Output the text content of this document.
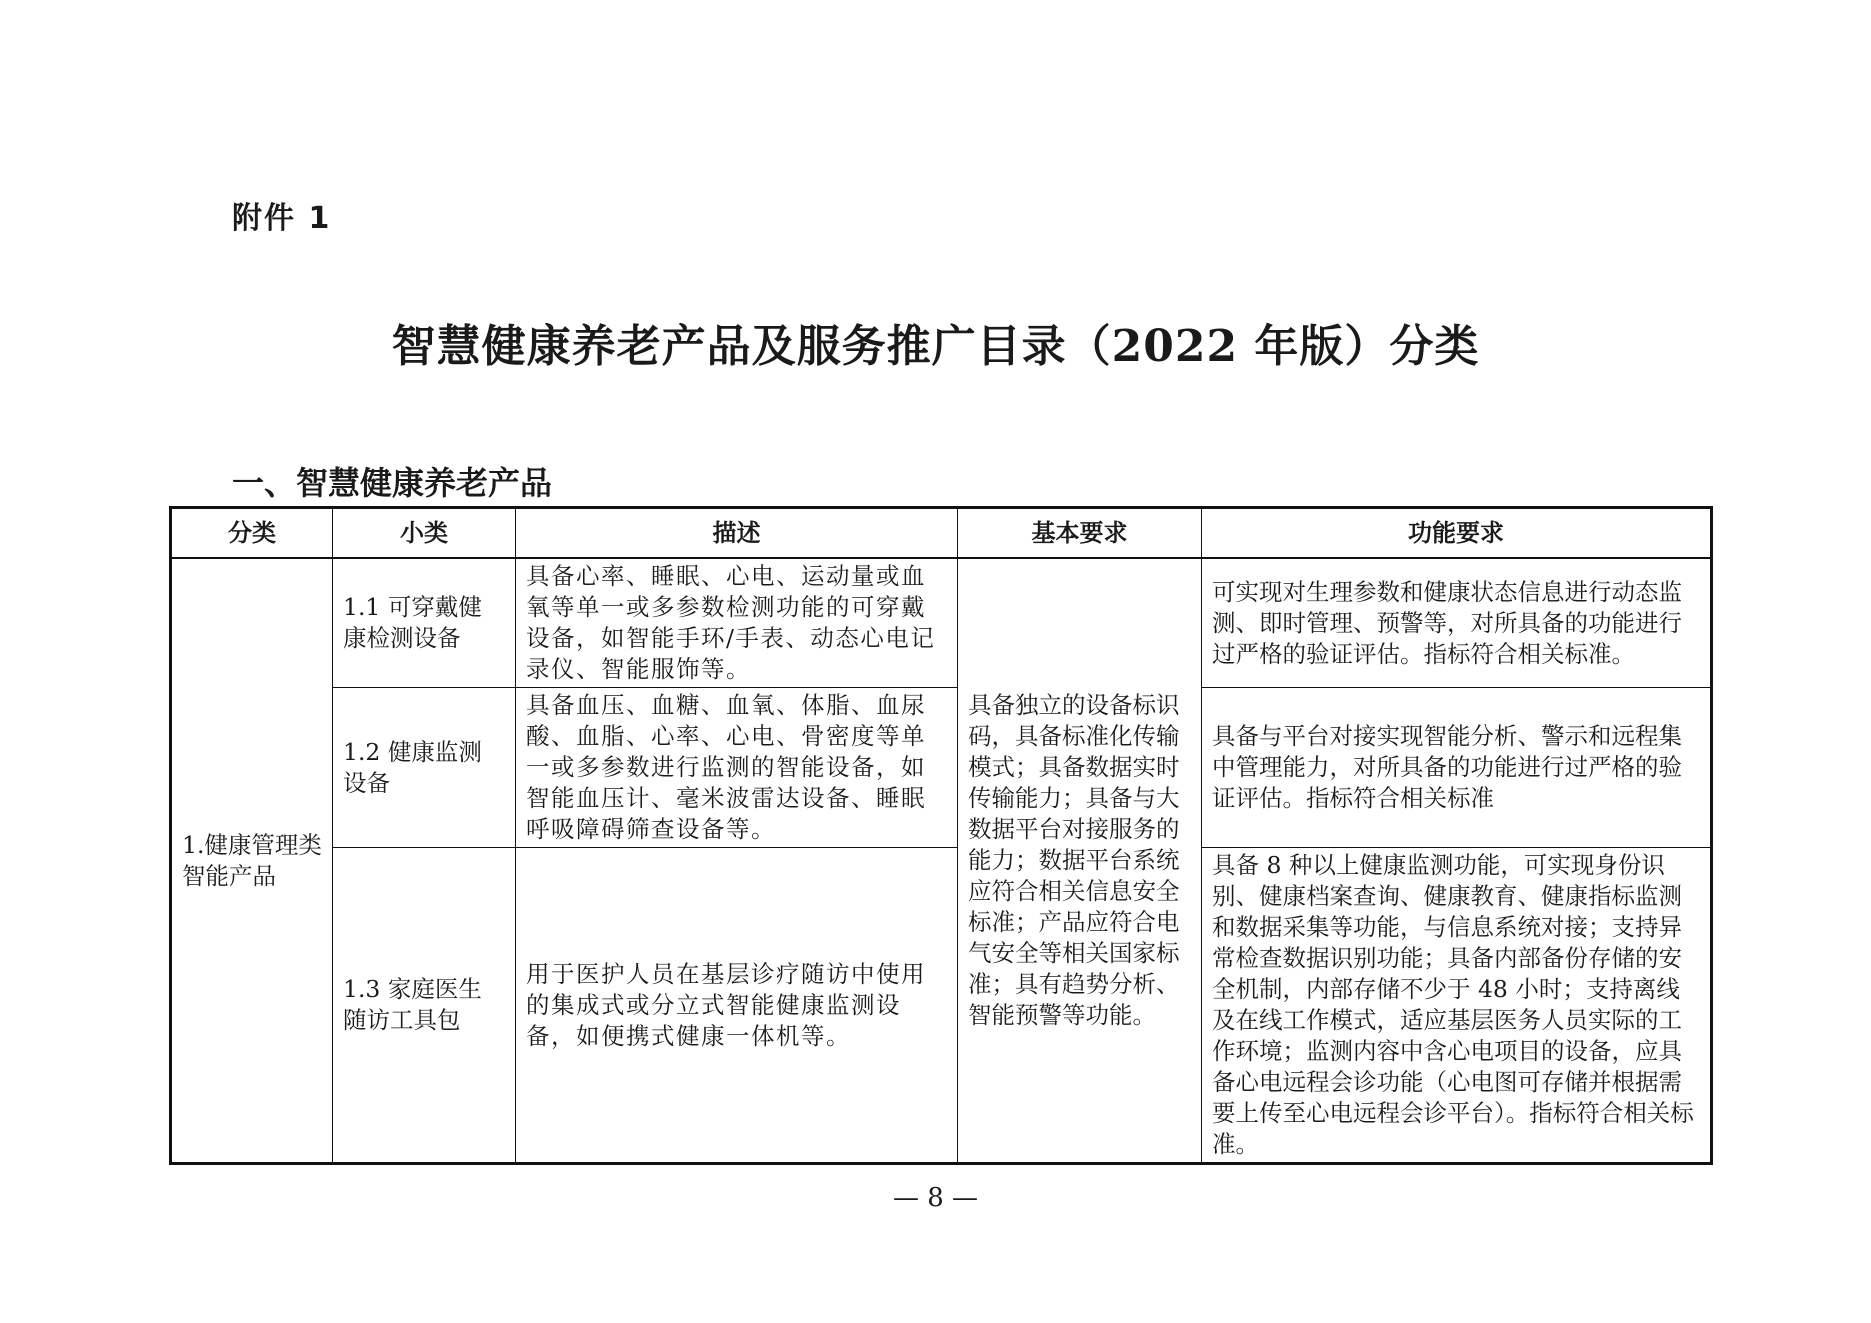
附件 1
智慧健康养老产品及服务推广目录（2022 年版）分类
一、智慧健康养老产品
分类	小类	描述	基本要求	功能要求
1.健康管理类智能产品	1.1 可穿戴健康检测设备	具备心率、睡眠、心电、运动量或血氧等单一或多参数检测功能的可穿戴设备，如智能手环/手表、动态心电记录仪、智能服饰等。	具备独立的设备标识码，具备标准化传输模式；具备数据实时传输能力；具备与大数据平台对接服务的能力；数据平台系统应符合相关信息安全标准；产品应符合电气安全等相关国家标准；具有趋势分析、智能预警等功能。	可实现对生理参数和健康状态信息进行动态监测、即时管理、预警等，对所具备的功能进行过严格的验证评估。指标符合相关标准。
	1.2 健康监测设备	具备血压、血糖、血氧、体脂、血尿酸、血脂、心率、心电、骨密度等单一或多参数进行监测的智能设备，如智能血压计、毫米波雷达设备、睡眠呼吸障碍筛查设备等。		具备与平台对接实现智能分析、警示和远程集中管理能力，对所具备的功能进行过严格的验证评估。指标符合相关标准
	1.3 家庭医生随访工具包	用于医护人员在基层诊疗随访中使用的集成式或分立式智能健康监测设备，如便携式健康一体机等。		具备 8 种以上健康监测功能，可实现身份识别、健康档案查询、健康教育、健康指标监测和数据采集等功能，与信息系统对接；支持异常检查数据识别功能；具备内部备份存储的安全机制，内部存储不少于 48 小时；支持离线及在线工作模式，适应基层医务人员实际的工作环境；监测内容中含心电项目的设备，应具备心电远程会诊功能（心电图可存储并根据需要上传至心电远程会诊平台）。指标符合相关标准。
— 8 —
